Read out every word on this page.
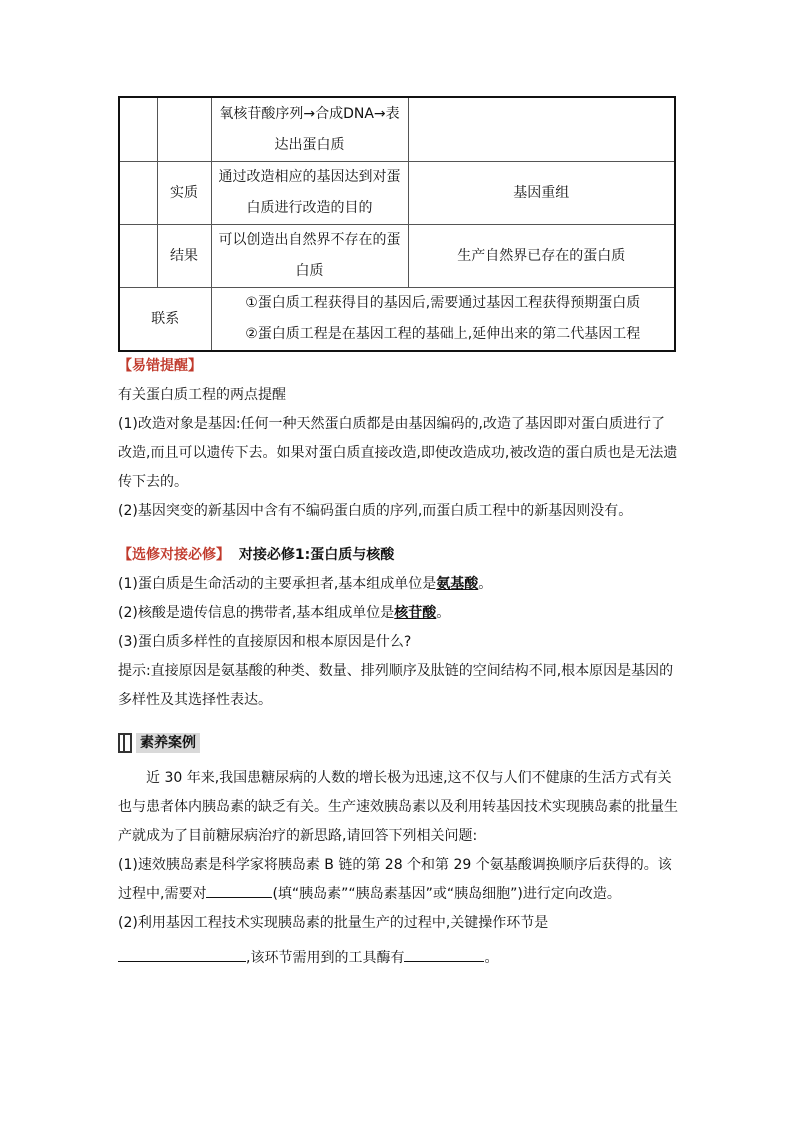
		氧核苷酸序列→合成DNA→表达出蛋白质	
	实质	通过改造相应的基因达到对蛋白质进行改造的目的	基因重组
	结果	可以创造出自然界不存在的蛋白质	生产自然界已存在的蛋白质
联系		①蛋白质工程获得目的基因后,需要通过基因工程获得预期蛋白质
②蛋白质工程是在基因工程的基础上,延伸出来的第二代基因工程	
【易错提醒】
有关蛋白质工程的两点提醒
(1)改造对象是基因:任何一种天然蛋白质都是由基因编码的,改造了基因即对蛋白质进行了改造,而且可以遗传下去。如果对蛋白质直接改造,即使改造成功,被改造的蛋白质也是无法遗传下去的。
(2)基因突变的新基因中含有不编码蛋白质的序列,而蛋白质工程中的新基因则没有。
【选修对接必修】 对接必修1:蛋白质与核酸
(1)蛋白质是生命活动的主要承担者,基本组成单位是氨基酸。
(2)核酸是遗传信息的携带者,基本组成单位是核苷酸。
(3)蛋白质多样性的直接原因和根本原因是什么?
提示:直接原因是氨基酸的种类、数量、排列顺序及肽链的空间结构不同,根本原因是基因的多样性及其选择性表达。
素养案例
近 30 年来,我国患糖尿病的人数的增长极为迅速,这不仅与人们不健康的生活方式有关也与患者体内胰岛素的缺乏有关。生产速效胰岛素以及利用转基因技术实现胰岛素的批量生产就成为了目前糖尿病治疗的新思路,请回答下列相关问题:
(1)速效胰岛素是科学家将胰岛素 B 链的第 28 个和第 29 个氨基酸调换顺序后获得的。该过程中,需要对	(填“胰岛素”“胰岛素基因”或“胰岛细胞”)进行定向改造。
(2)利用基因工程技术实现胰岛素的批量生产的过程中,关键操作环节是
,该环节需用到的工具酶有	。
